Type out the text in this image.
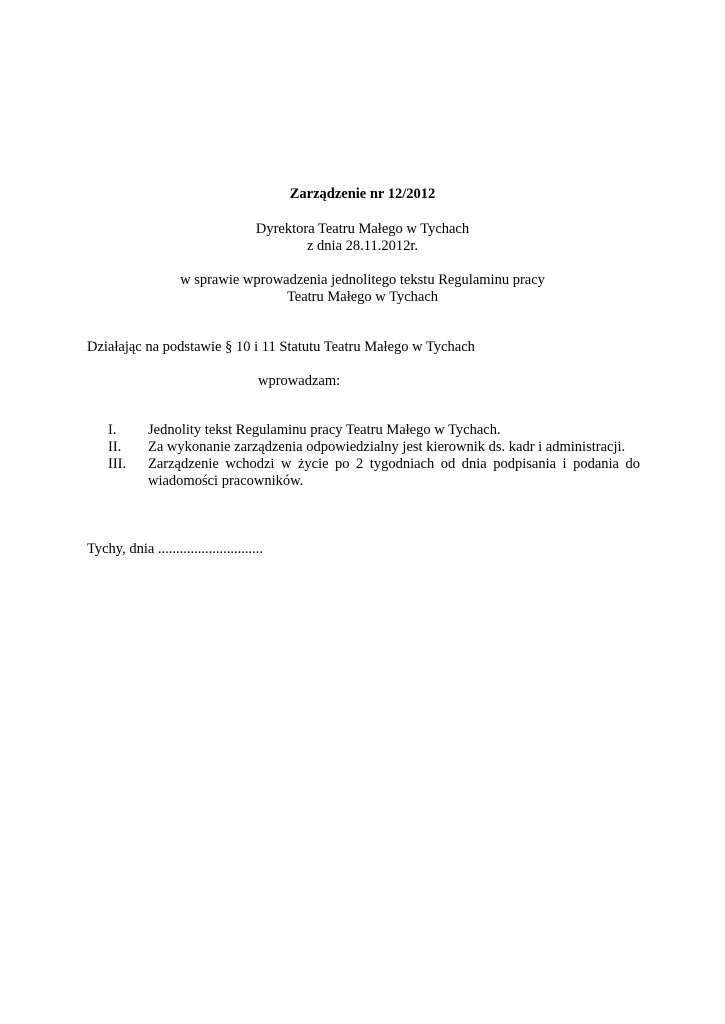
Zarządzenie nr 12/2012
Dyrektora Teatru Małego w Tychach
z dnia 28.11.2012r.
w sprawie wprowadzenia jednolitego tekstu Regulaminu pracy
Teatru Małego w Tychach
Działając na podstawie § 10 i 11 Statutu Teatru Małego w Tychach
wprowadzam:
I.	Jednolity tekst Regulaminu pracy Teatru Małego w Tychach.
II.	Za wykonanie zarządzenia odpowiedzialny jest kierownik ds. kadr i administracji.
III.	Zarządzenie wchodzi w życie po 2 tygodniach od dnia podpisania i podania do wiadomości pracowników.
Tychy, dnia .............................
